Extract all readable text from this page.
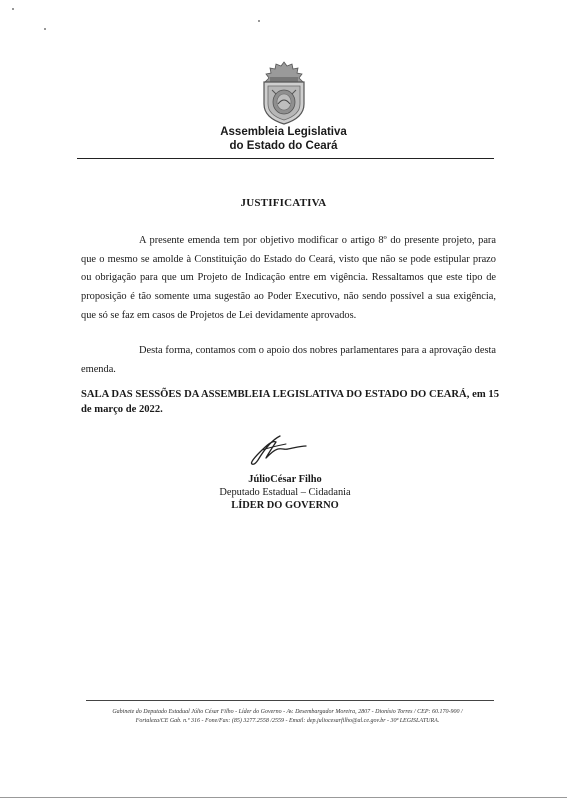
Assembleia Legislativa
do Estado do Ceará
JUSTIFICATIVA
A presente emenda tem por objetivo modificar o artigo 8º do presente projeto, para que o mesmo se amolde à Constituição do Estado do Ceará, visto que não se pode estipular prazo ou obrigação para que um Projeto de Indicação entre em vigência. Ressaltamos que este tipo de proposição é tão somente uma sugestão ao Poder Executivo, não sendo possível a sua exigência, que só se faz em casos de Projetos de Lei devidamente aprovados.
Desta forma, contamos com o apoio dos nobres parlamentares para a aprovação desta emenda.
SALA DAS SESSÕES DA ASSEMBLEIA LEGISLATIVA DO ESTADO DO CEARÁ, em 15 de março de 2022.
JúlioCésar Filho
Deputado Estadual – Cidadania
LÍDER DO GOVERNO
Gabinete do Deputado Estadual Júlio César Filho - Líder do Governo - Av. Desembargador Moreira, 2807 - Dionísio Torres / CEP: 60.170-900 /
Fortaleza/CE Gab. n.º 316 - Fone/Fax: (85) 3277.2558 /2559 - Email: dep.juliocesarfilho@al.ce.gov.br - 30ª LEGISLATURA.
